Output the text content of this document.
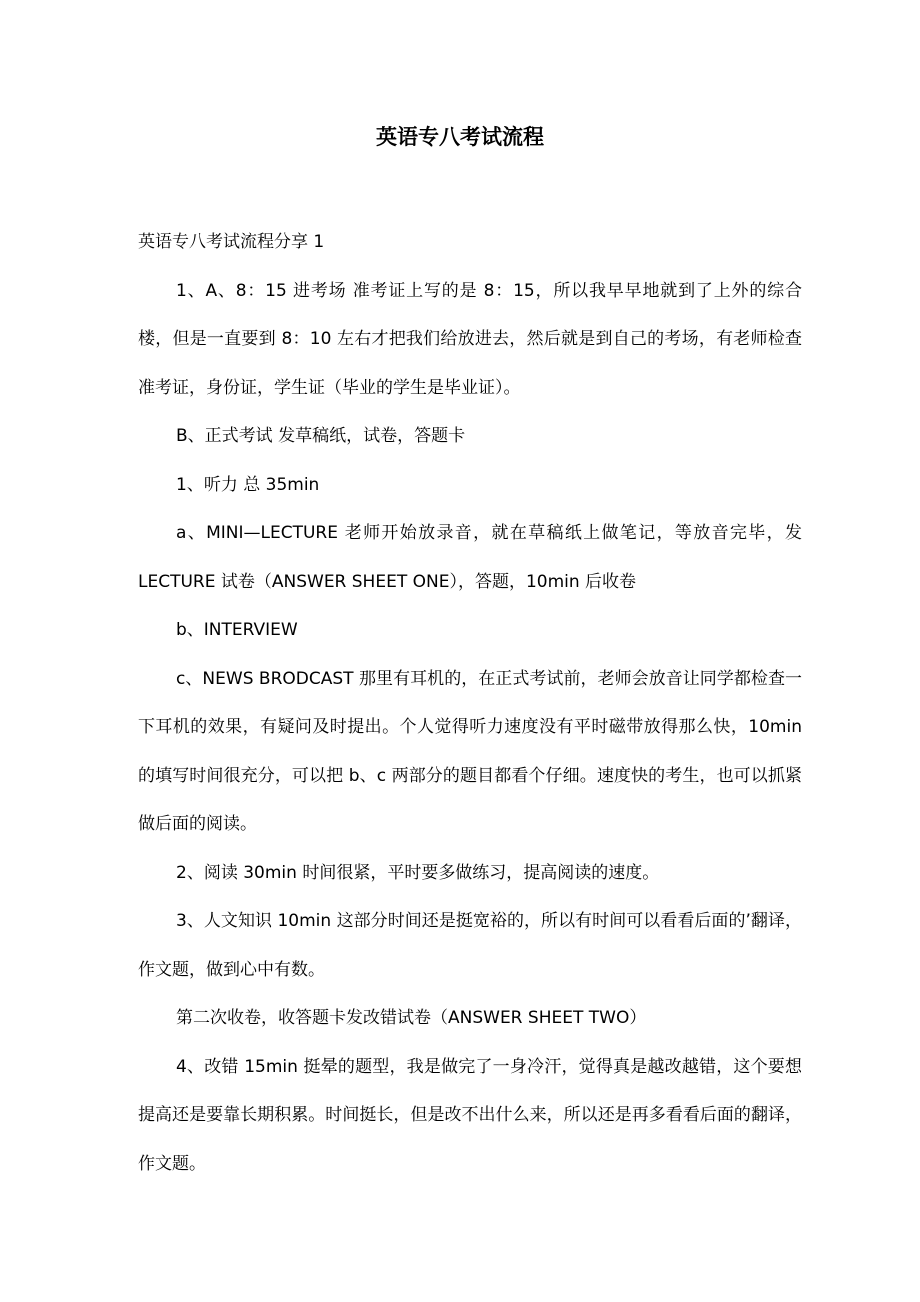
英语专八考试流程

英语专八考试流程分享 1

1、A、8：15 进考场 准考证上写的是 8：15，所以我早早地就到了上外的综合楼，但是一直要到 8：10 左右才把我们给放进去，然后就是到自己的考场，有老师检查准考证，身份证，学生证（毕业的学生是毕业证）。

B、正式考试 发草稿纸，试卷，答题卡

1、听力 总 35min

a、MINI—LECTURE 老师开始放录音，就在草稿纸上做笔记，等放音完毕，发 LECTURE 试卷（ANSWER SHEET ONE），答题，10min 后收卷

b、INTERVIEW

c、NEWS BRODCAST 那里有耳机的，在正式考试前，老师会放音让同学都检查一下耳机的效果，有疑问及时提出。个人觉得听力速度没有平时磁带放得那么快，10min 的填写时间很充分，可以把 b、c 两部分的题目都看个仔细。速度快的考生，也可以抓紧做后面的阅读。

2、阅读 30min 时间很紧，平时要多做练习，提高阅读的速度。

3、人文知识 10min 这部分时间还是挺宽裕的，所以有时间可以看看后面的’翻译，作文题，做到心中有数。

第二次收卷，收答题卡发改错试卷（ANSWER SHEET TWO）

4、改错 15min 挺晕的题型，我是做完了一身冷汗，觉得真是越改越错，这个要想提高还是要靠长期积累。时间挺长，但是改不出什么来，所以还是再多看看后面的翻译，作文题。
